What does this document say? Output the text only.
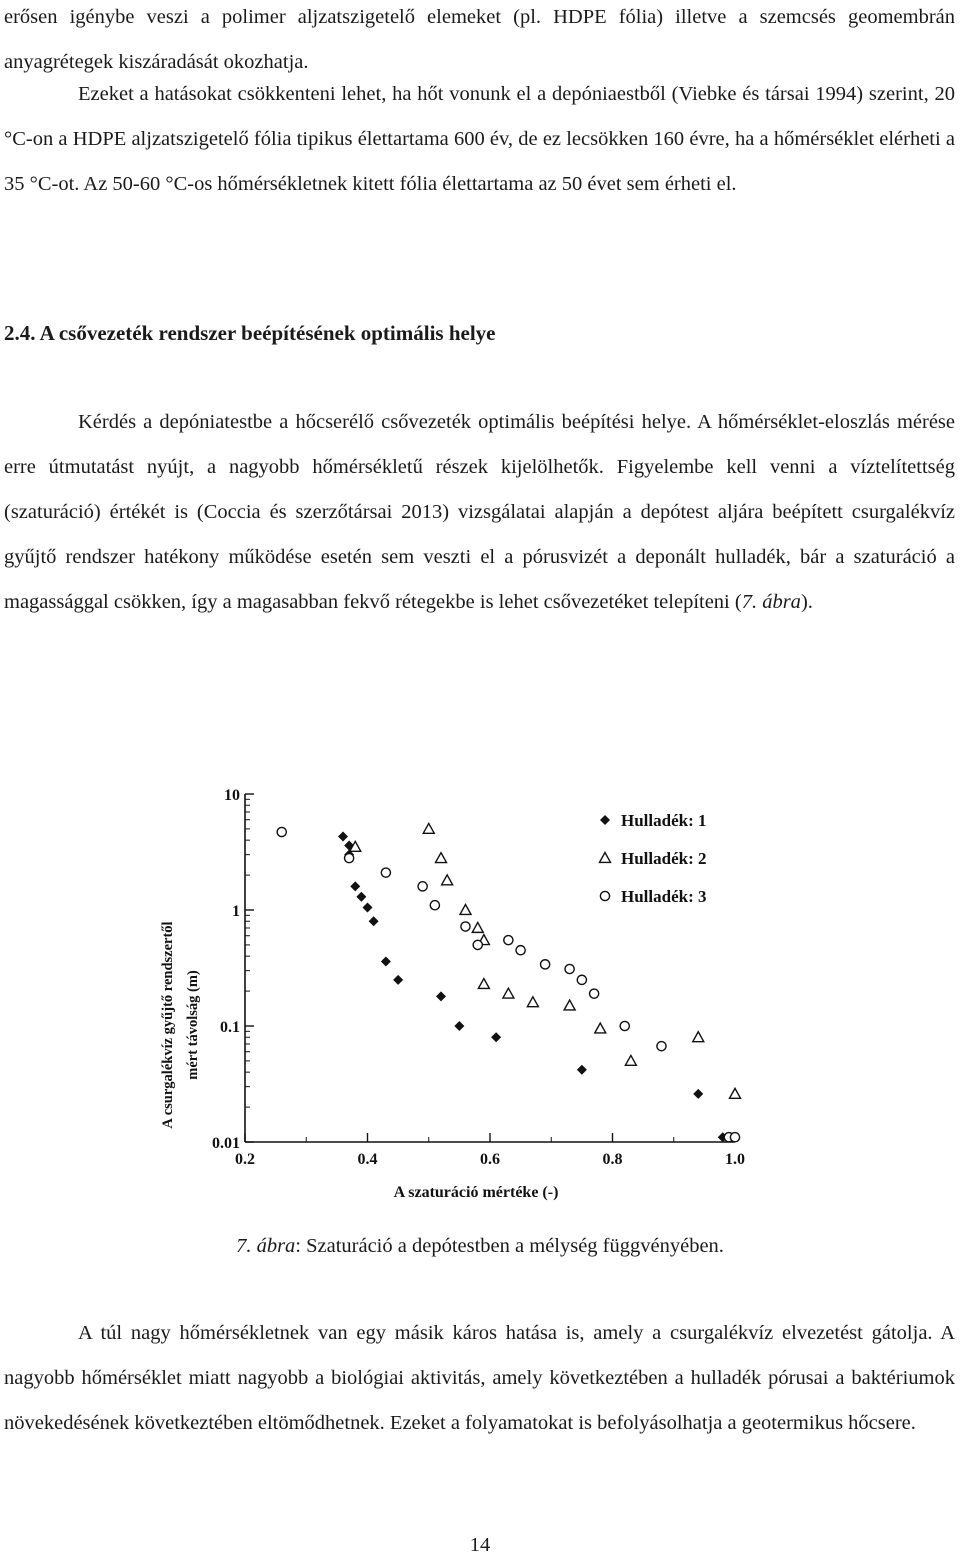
erősen igénybe veszi a polimer aljzatszigetelő elemeket (pl. HDPE fólia) illetve a szemcsés geomembrán anyagrétegek kiszáradását okozhatja.

Ezeket a hatásokat csökkenteni lehet, ha hőt vonunk el a depóniaestből (Viebke és társai 1994) szerint, 20 °C-on a HDPE aljzatszigetelő fólia tipikus élettartama 600 év, de ez lecsökken 160 évre, ha a hőmérséklet elérheti a 35 °C-ot. Az 50-60 °C-os hőmérsékletnek kitett fólia élettartama az 50 évet sem érheti el.

2.4. A csővezeték rendszer beépítésének optimális helye

Kérdés a depóniatestbe a hőcserélő csővezeték optimális beépítési helye. A hőmérséklet-eloszlás mérése erre útmutatást nyújt, a nagyobb hőmérsékletű részek kijelölhetők. Figyelembe kell venni a víztelítettség (szaturáció) értékét is (Coccia és szerzőtársai 2013) vizsgálatai alapján a depótest aljára beépített csurgalékvíz gyűjtő rendszer hatékony működése esetén sem veszti el a pórusvizét a deponált hulladék, bár a szaturáció a magassággal csökken, így a magasabban fekvő rétegekbe is lehet csővezetéket telepíteni (7. ábra).

10
1
0.1
0.01
0.2	0.4	0.6	0.8	1.0
Hulladék: 1
Hulladék: 2
Hulladék: 3
A szaturáció mértéke (-)
A csurgalékvíz gyűjtő rendszertől mért távolság (m)

7. ábra: Szaturáció a depótestben a mélység függvényében.

A túl nagy hőmérsékletnek van egy másik káros hatása is, amely a csurgalékvíz elvezetést gátolja. A nagyobb hőmérséklet miatt nagyobb a biológiai aktivitás, amely következtében a hulladék pórusai a baktériumok növekedésének következtében eltömődhetnek. Ezeket a folyamatokat is befolyásolhatja a geotermikus hőcsere.

14
